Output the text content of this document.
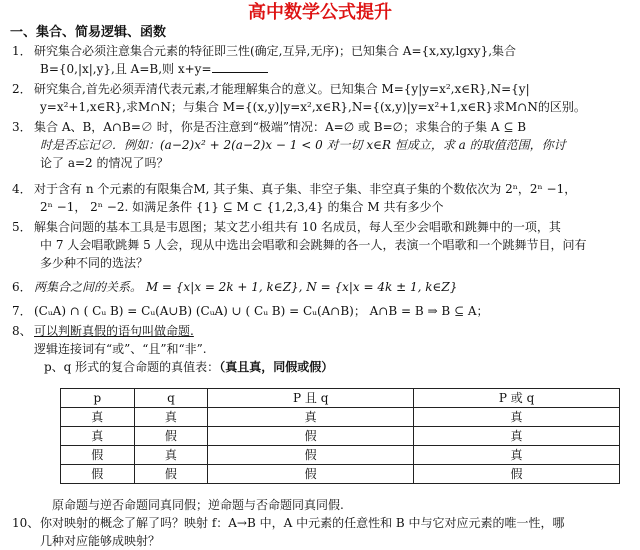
高中数学公式提升
一、集合、简易逻辑、函数
1． 研究集合必须注意集合元素的特征即三性(确定,互异,无序)；已知集合 A={x,xy,lgxy},集合
B={0,|x|,y},且 A=B,则 x+y=
2． 研究集合,首先必须弄清代表元素,才能理解集合的意义。已知集合 M={y|y=x²,x∈R},N={y|
y=x²+1,x∈R},求M∩N；与集合 M={(x,y)|y=x²,x∈R},N={(x,y)|y=x²+1,x∈R}求M∩N的区别。
3． 集合 A、B，A∩B=∅ 时，你是否注意到“极端”情况：A=∅ 或 B=∅；求集合的子集 A ⊆ B
时是否忘记∅．例如：(a−2)x² + 2(a−2)x − 1 < 0 对一切 x∈R 恒成立，求 a 的取值范围，你讨
论了 a=2 的情况了吗？
4． 对于含有 n 个元素的有限集合M, 其子集、真子集、非空子集、非空真子集的个数依次为 2ⁿ，2ⁿ −1，
2ⁿ −1， 2ⁿ −2. 如满足条件 {1} ⊆ M ⊂ {1,2,3,4} 的集合 M 共有多少个
5． 解集合问题的基本工具是韦恩图；某文艺小组共有 10 名成员，每人至少会唱歌和跳舞中的一项，其
中 7 人会唱歌跳舞 5 人会，现从中选出会唱歌和会跳舞的各一人，表演一个唱歌和一个跳舞节目，问有
多少种不同的选法？
6． 两集合之间的关系。 M = {x|x = 2k + 1, k∈Z}, N = {x|x = 4k ± 1, k∈Z}
7． (CᵤA) ∩ ( Cᵤ B) = Cᵤ(A∪B) (CᵤA) ∪ ( Cᵤ B) = Cᵤ(A∩B)； A∩B = B ⇒ B ⊆ A；
8、 可以判断真假的语句叫做命题.
逻辑连接词有“或”、“且”和“非”.
p、q 形式的复合命题的真值表：（真且真，同假或假）
p	q	P 且 q	P 或 q
真	真	真	真
真	假	假	真
假	真	假	真
假	假	假	假
原命题与逆否命题同真同假；逆命题与否命题同真同假.
10、你对映射的概念了解了吗？映射 f：A→B 中，A 中元素的任意性和 B 中与它对应元素的唯一性，哪
几种对应能够成映射？
